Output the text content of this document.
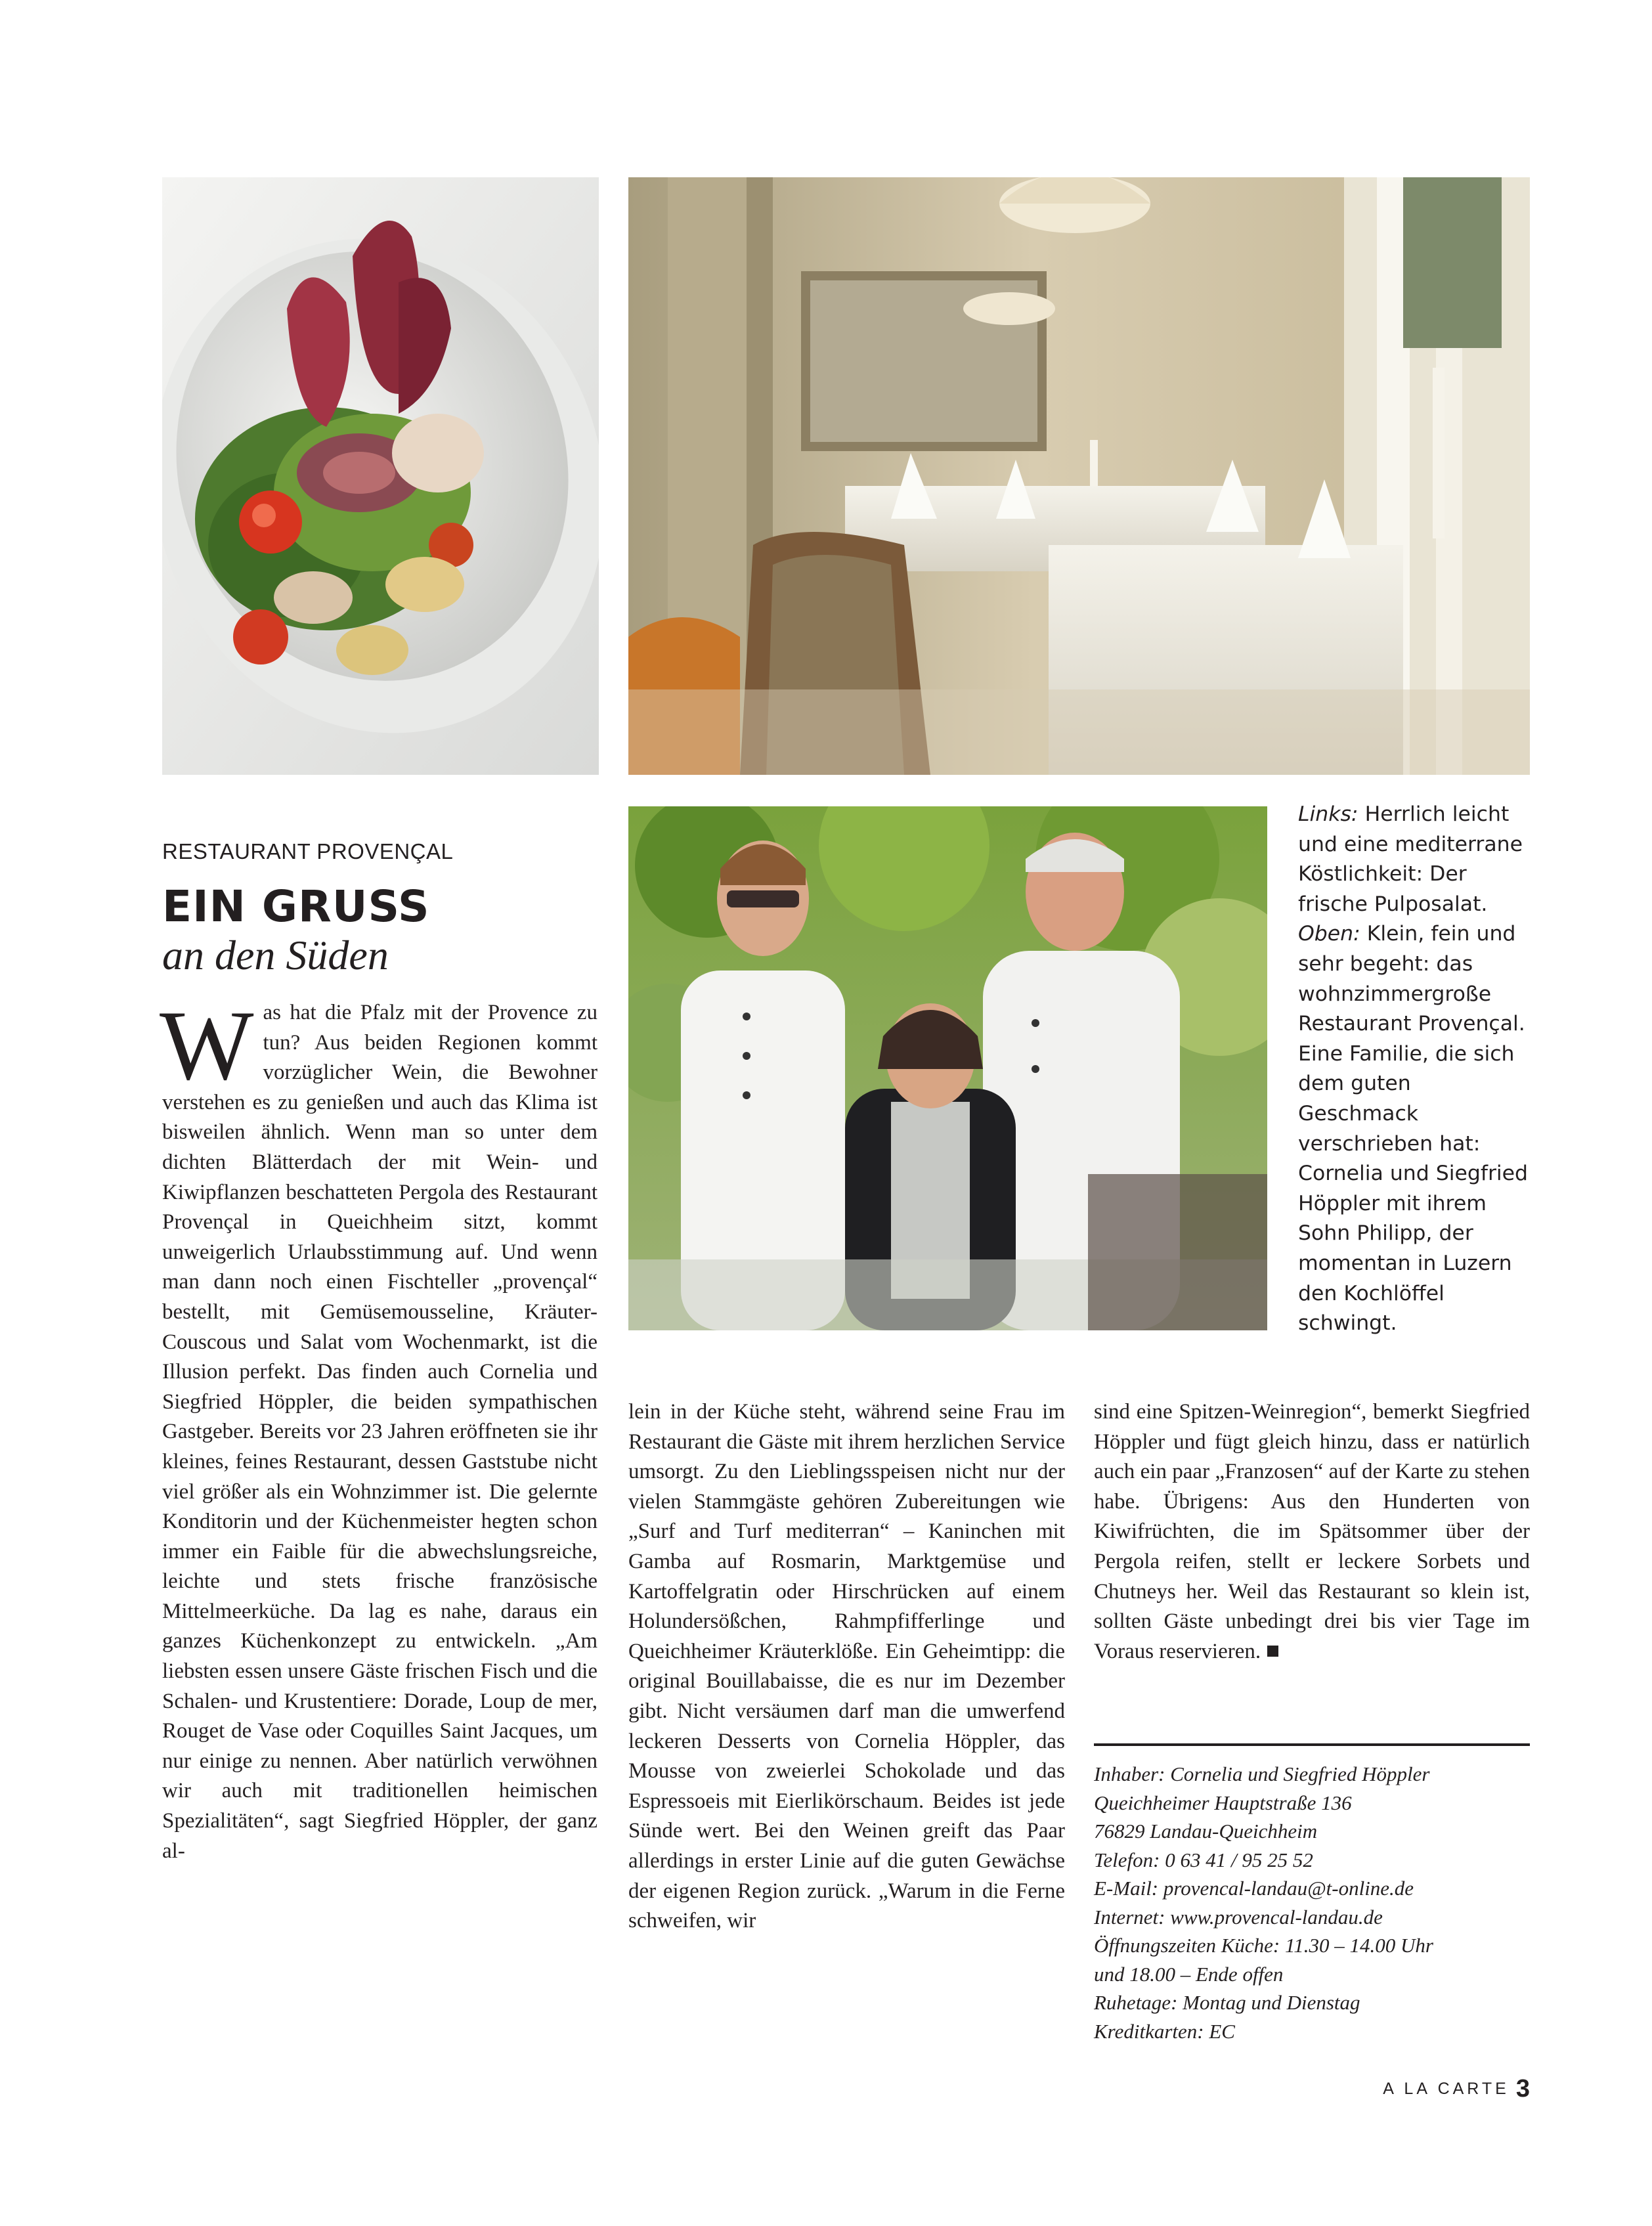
RESTAURANT PROVENÇAL
EIN GRUSS
an den Süden
Was hat die Pfalz mit der Provence zu tun? Aus beiden Regionen kommt vorzüglicher Wein, die Bewohner verstehen es zu genießen und auch das Klima ist bisweilen ähnlich. Wenn man so unter dem dichten Blätterdach der mit Wein- und Kiwipflanzen beschatteten Pergola des Restaurant Provençal in Queichheim sitzt, kommt unweigerlich Urlaubsstimmung auf. Und wenn man dann noch einen Fischteller „provençal“ bestellt, mit Gemüsemousseline, Kräuter-Couscous und Salat vom Wochenmarkt, ist die Illusion perfekt. Das finden auch Cornelia und Siegfried Höppler, die beiden sympathischen Gastgeber. Bereits vor 23 Jahren eröffneten sie ihr kleines, feines Restaurant, dessen Gaststube nicht viel größer als ein Wohnzimmer ist. Die gelernte Konditorin und der Küchenmeister hegten schon immer ein Faible für die abwechslungsreiche, leichte und stets frische französische Mittelmeerküche. Da lag es nahe, daraus ein ganzes Küchenkonzept zu entwickeln. „Am liebsten essen unsere Gäste frischen Fisch und die Schalen- und Krustentiere: Dorade, Loup de mer, Rouget de Vase oder Coquilles Saint Jacques, um nur einige zu nennen. Aber natürlich verwöhnen wir auch mit traditionellen heimischen Spezialitäten“, sagt Siegfried Höppler, der ganz al-
lein in der Küche steht, während seine Frau im Restaurant die Gäste mit ihrem herzlichen Service umsorgt. Zu den Lieblingsspeisen nicht nur der vielen Stammgäste gehören Zubereitungen wie „Surf and Turf mediterran“ – Kaninchen mit Gamba auf Rosmarin, Marktgemüse und Kartoffelgratin oder Hirschrücken auf einem Holundersößchen, Rahmpfifferlinge und Queichheimer Kräuterklöße. Ein Geheimtipp: die original Bouillabaisse, die es nur im Dezember gibt. Nicht versäumen darf man die umwerfend leckeren Desserts von Cornelia Höppler, das Mousse von zweierlei Schokolade und das Espressoeis mit Eierlikörschaum. Beides ist jede Sünde wert. Bei den Weinen greift das Paar allerdings in erster Linie auf die guten Gewächse der eigenen Region zurück. „Warum in die Ferne schweifen, wir
sind eine Spitzen-Weinregion“, bemerkt Siegfried Höppler und fügt gleich hinzu, dass er natürlich auch ein paar „Franzosen“ auf der Karte zu stehen habe. Übrigens: Aus den Hunderten von Kiwifrüchten, die im Spätsommer über der Pergola reifen, stellt er leckere Sorbets und Chutneys her. Weil das Restaurant so klein ist, sollten Gäste unbedingt drei bis vier Tage im Voraus reservieren.
Links: Herrlich leicht und eine mediterrane Köstlichkeit: Der frische Pulposalat. Oben: Klein, fein und sehr begeht: das wohnzimmergroße Restaurant Provençal. Eine Familie, die sich dem guten Geschmack verschrieben hat: Cornelia und Siegfried Höppler mit ihrem Sohn Philipp, der momentan in Luzern den Kochlöffel schwingt.
Inhaber: Cornelia und Siegfried Höppler
Queichheimer Hauptstraße 136
76829 Landau-Queichheim
Telefon: 0 63 41 / 95 25 52
E-Mail: provencal-landau@t-online.de
Internet: www.provencal-landau.de
Öffnungszeiten Küche: 11.30 – 14.00 Uhr
und 18.00 – Ende offen
Ruhetage: Montag und Dienstag
Kreditkarten: EC
A LA CARTE 3
